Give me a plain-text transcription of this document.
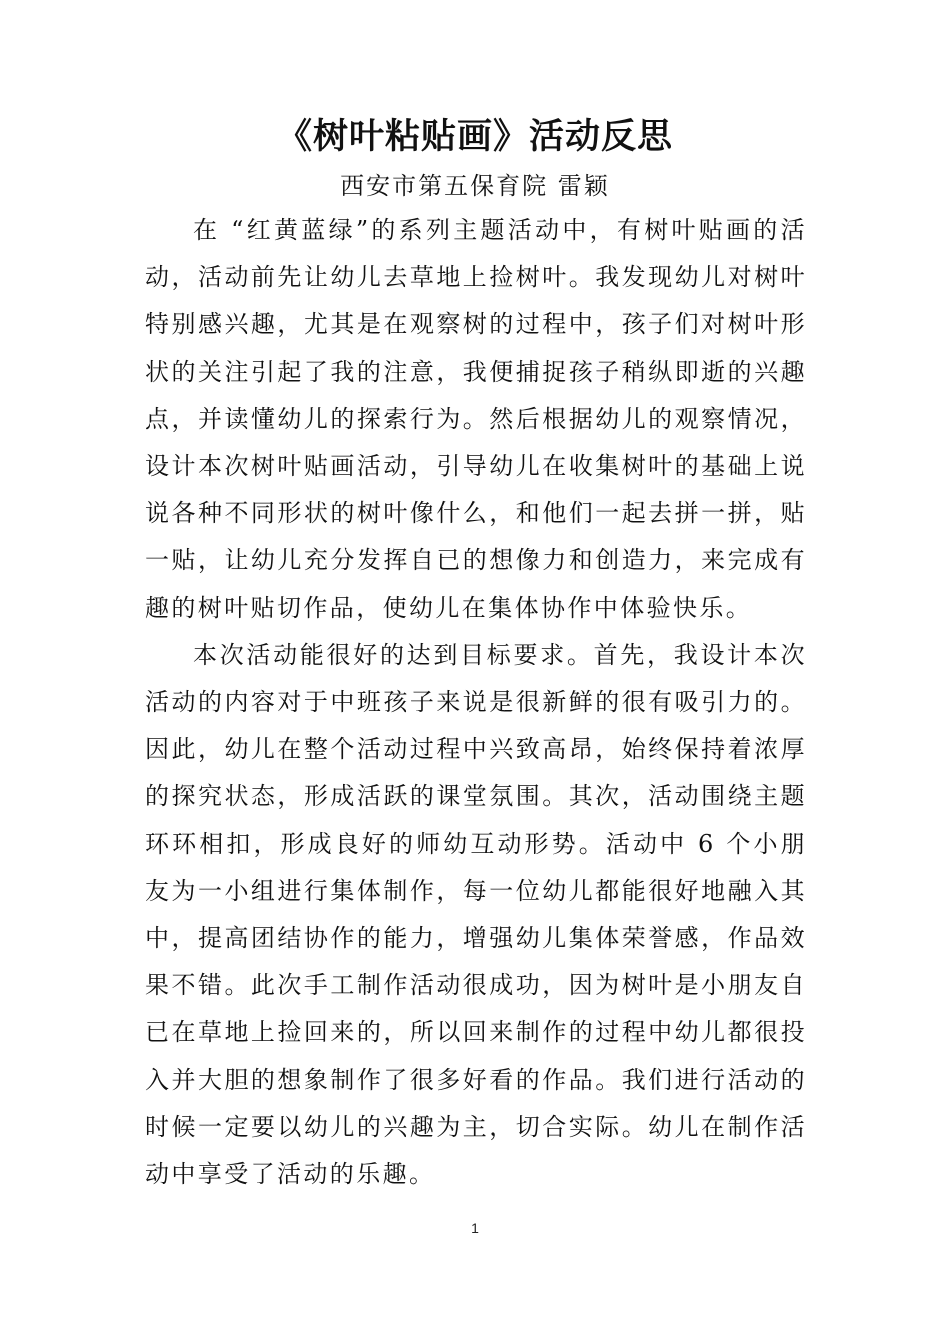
《树叶粘贴画》活动反思

西安市第五保育院 雷颖

在 “红黄蓝绿”的系列主题活动中，有树叶贴画的活动，活动前先让幼儿去草地上捡树叶。我发现幼儿对树叶特别感兴趣，尤其是在观察树的过程中，孩子们对树叶形状的关注引起了我的注意，我便捕捉孩子稍纵即逝的兴趣点，并读懂幼儿的探索行为。然后根据幼儿的观察情况，设计本次树叶贴画活动，引导幼儿在收集树叶的基础上说说各种不同形状的树叶像什么，和他们一起去拼一拼，贴一贴，让幼儿充分发挥自已的想像力和创造力，来完成有趣的树叶贴切作品，使幼儿在集体协作中体验快乐。

本次活动能很好的达到目标要求。首先，我设计本次活动的内容对于中班孩子来说是很新鲜的很有吸引力的。因此，幼儿在整个活动过程中兴致高昂，始终保持着浓厚的探究状态，形成活跃的课堂氛围。其次，活动围绕主题环环相扣，形成良好的师幼互动形势。活动中 6 个小朋友为一小组进行集体制作，每一位幼儿都能很好地融入其中，提高团结协作的能力，增强幼儿集体荣誉感，作品效果不错。此次手工制作活动很成功，因为树叶是小朋友自已在草地上捡回来的，所以回来制作的过程中幼儿都很投入并大胆的想象制作了很多好看的作品。我们进行活动的时候一定要以幼儿的兴趣为主，切合实际。幼儿在制作活动中享受了活动的乐趣。

1
